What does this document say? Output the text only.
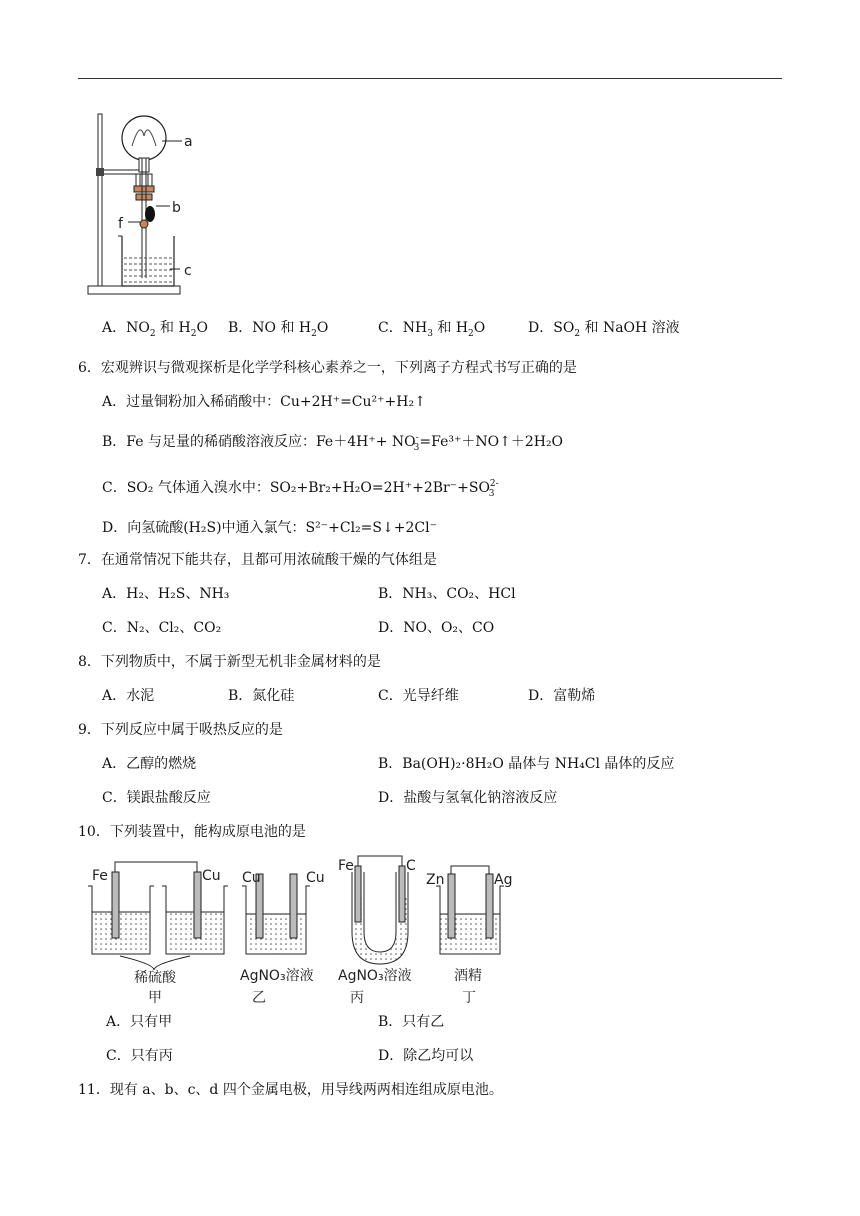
a
b
f
c
A．$NO_2$ 和 $H_2O$ B．NO 和 $H_2O$	C．$NH_3$ 和 $H_2O$	D．$SO_2$ 和 NaOH 溶液
6．宏观辨识与微观探析是化学学科核心素养之一，下列离子方程式书写正确的是
A．过量铜粉加入稀硝酸中：Cu+2H⁺=Cu²⁺+H₂↑
B．Fe 与足量的稀硝酸溶液反应：$Fe+4H^++ NO^-_3=Fe^{3+}+NO↑+2H_2O$
C．SO₂ 气体通入溴水中：$SO_2+Br_2+H_2O=2H^++2Br^-+SO^{2-}_3$
D．向氢硫酸(H₂S)中通入氯气：S²⁻+Cl₂=S↓+2Cl⁻
7．在通常情况下能共存，且都可用浓硫酸干燥的气体组是
A．H₂、H₂S、NH₃	B．NH₃、CO₂、HCl
C．N₂、Cl₂、CO₂	D．NO、O₂、CO
8．下列物质中，不属于新型无机非金属材料的是
A．水泥	B．氮化硅	C．光导纤维	D．富勒烯
9．下列反应中属于吸热反应的是
A．乙醇的燃烧	B．Ba(OH)₂·8H₂O 晶体与 NH₄Cl 晶体的反应
C．镁跟盐酸反应	D．盐酸与氢氧化钠溶液反应
10．下列装置中，能构成原电池的是
Fe	Cu
稀硫酸
甲
Cu	Cu
AgNO₃溶液
乙
Fe	C
AgNO₃溶液
丙
Zn	Ag
酒精
丁
A．只有甲	B．只有乙
C．只有丙	D．除乙均可以
11．现有 a、b、c、d 四个金属电极，用导线两两相连组成原电池。
